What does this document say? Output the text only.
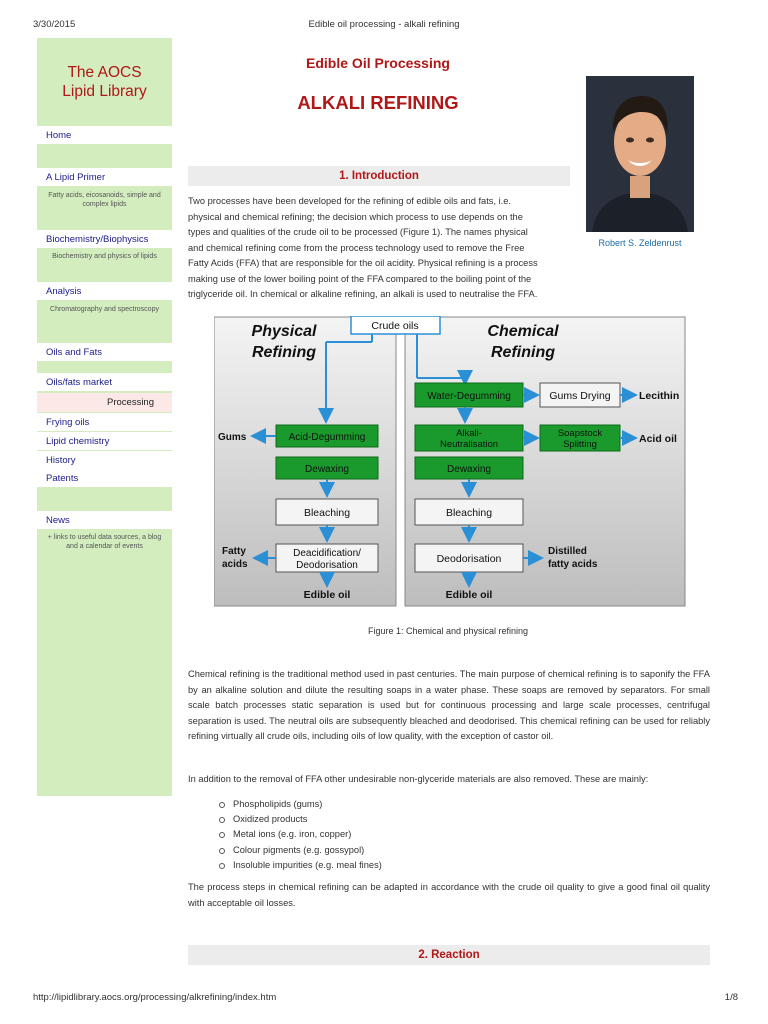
3/30/2015	Edible oil processing - alkali refining
The AOCS
Lipid Library
Home
A Lipid Primer
Fatty acids, eicosanoids, simple and complex lipids
Biochemistry/Biophysics
Biochemistry and physics of lipids
Analysis
Chromatography and spectroscopy
Oils and Fats
Oils/fats market
Processing
Frying oils
Lipid chemistry
History
Patents
News
+ links to useful data sources, a blog and a calendar of events
Edible Oil Processing
ALKALI REFINING
Robert S. Zeldenrust
1. Introduction
Two processes have been developed for the refining of edible oils and fats, i.e.
physical and chemical refining; the decision which process to use depends on the
types and qualities of the crude oil to be processed (Figure 1). The names physical
and chemical refining come from the process technology used to remove the Free
Fatty Acids (FFA) that are responsible for the oil acidity. Physical refining is a process
making use of the lower boiling point of the FFA compared to the boiling point of the
triglyceride oil. In chemical or alkaline refining, an alkali is used to neutralise the FFA.
Physical
Refining
Chemical
Refining
Crude oils
Acid-Degumming
Gums
Dewaxing
Bleaching
Deacidification/
Deodorisation
Fatty
acids
Edible oil
Water-Degumming	Gums Drying	Lecithin
Alkali-
Neutralisation
Soapstock
Splitting	Acid oil
Dewaxing
Bleaching
Deodorisation
Distilled
fatty acids
Edible oil
Figure 1: Chemical and physical refining
Chemical refining is the traditional method used in past centuries. The main purpose of chemical refining is to saponify the FFA by an alkaline solution and dilute the resulting soaps in a water phase. These soaps are removed by separators. For small scale batch processes static separation is used but for continuous processing and large scale processes, centrifugal separation is used. The neutral oils are subsequently bleached and deodorised. This chemical refining can be used for reliably refining virtually all crude oils, including oils of low quality, with the exception of castor oil.
In addition to the removal of FFA other undesirable non-glyceride materials are also removed. These are mainly:
Phospholipids (gums)
Oxidized products
Metal ions (e.g. iron, copper)
Colour pigments (e.g. gossypol)
Insoluble impurities (e.g. meal fines)
The process steps in chemical refining can be adapted in accordance with the crude oil quality to give a good final oil quality with acceptable oil losses.
2. Reaction
http://lipidlibrary.aocs.org/processing/alkrefining/index.htm	1/8
